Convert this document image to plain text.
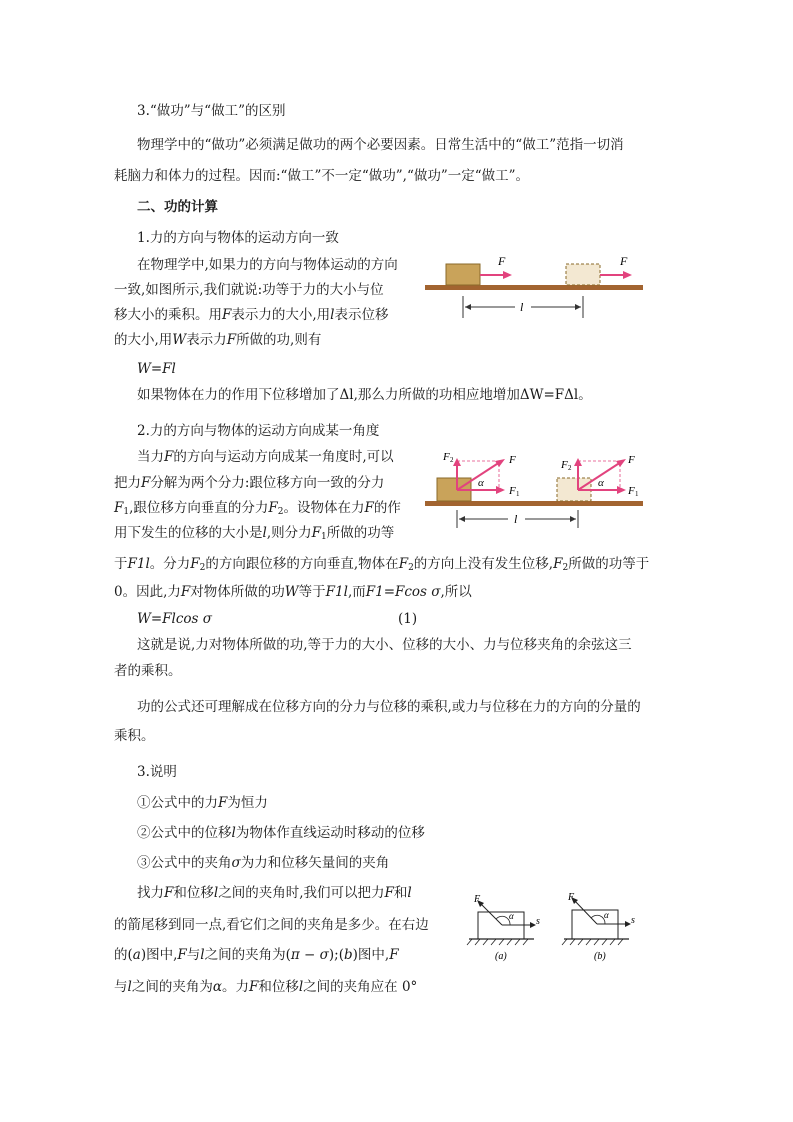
3.“做功”与“做工”的区别
物理学中的“做功”必须满足做功的两个必要因素。日常生活中的“做工”范指一切消
耗脑力和体力的过程。因而:“做工”不一定“做功”,“做功”一定“做工”。
二、功的计算
1.力的方向与物体的运动方向一致
在物理学中,如果力的方向与物体运动的方向
一致,如图所示,我们就说:功等于力的大小与位
移大小的乘积。用F表示力的大小,用l表示位移
的大小,用W表示力F所做的功,则有
W=Fl
如果物体在力的作用下位移增加了Δl,那么力所做的功相应地增加ΔW=FΔl。
F	F
l
2.力的方向与物体的运动方向成某一角度
当力F的方向与运动方向成某一角度时,可以
把力F分解为两个分力:跟位移方向一致的分力
$F_1$,跟位移方向垂直的分力$F_2$。设物体在力F的作
用下发生的位移的大小是l,则分力$F_1$所做的功等
于F1l。分力$F_2$的方向跟位移的方向垂直,物体在$F_2$的方向上没有发生位移$,F_2$所做的功等于
0。因此,力F对物体所做的功W等于F1l,而F1=Fcos σ,所以
W=Flcos σ	(1)
这就是说,力对物体所做的功,等于力的大小、位移的大小、力与位移夹角的余弦这三
者的乘积。
功的公式还可理解成在位移方向的分力与位移的乘积,或力与位移在力的方向的分量的
乘积。
F
F 2
F 1
α
F
F 2
F 1
α
l
3.说明
①公式中的力F为恒力
②公式中的位移l为物体作直线运动时移动的位移
③公式中的夹角σ为力和位移矢量间的夹角
找力F和位移l之间的夹角时,我们可以把力F和l
的箭尾移到同一点,看它们之间的夹角是多少。在右边
的(a)图中,F与l之间的夹角为(π − σ);(b)图中,F
与l之间的夹角为α。力F和位移l之间的夹角应在 0°
F
α s
(a)
F
α s
(b)
